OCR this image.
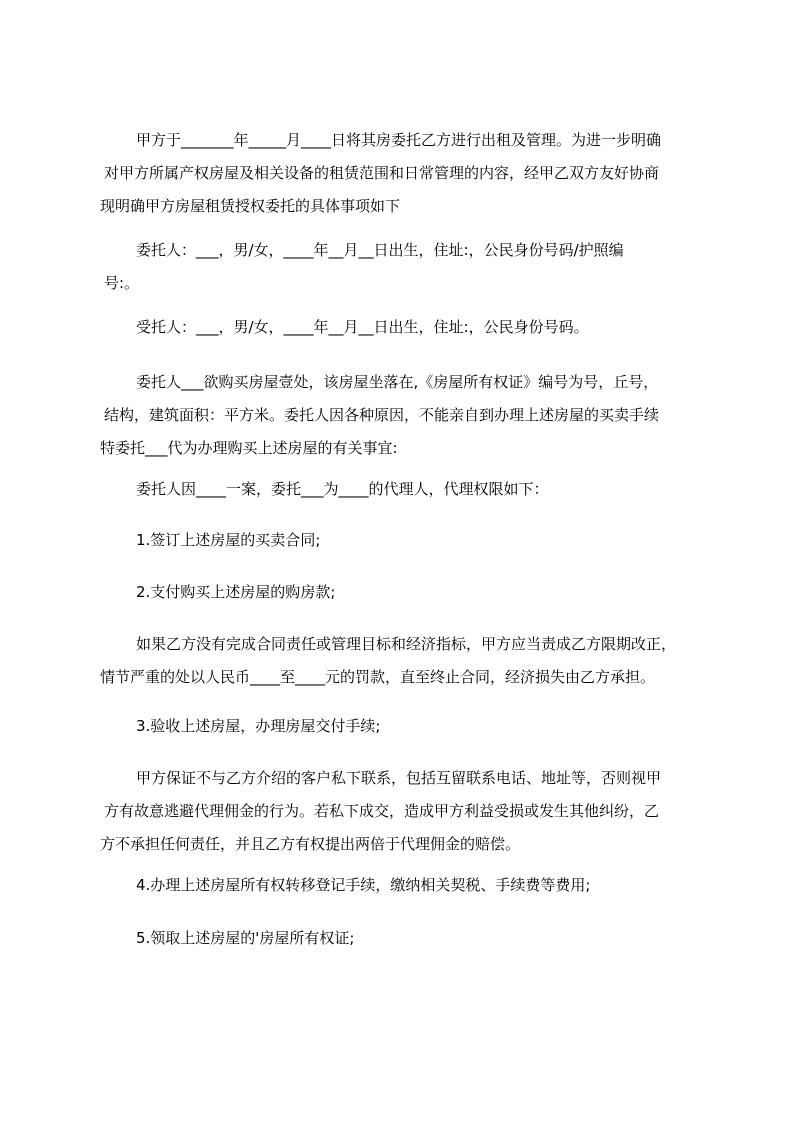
甲方于_______年_____月____日将其房委托乙方进行出租及管理。为进一步明确
对甲方所属产权房屋及相关设备的租赁范围和日常管理的内容，经甲乙双方友好协商
现明确甲方房屋租赁授权委托的具体事项如下
委托人：___，男/女，____年__月__日出生，住址:，公民身份号码/护照编
号:。
受托人：___，男/女，____年__月__日出生，住址:，公民身份号码。
委托人___欲购买房屋壹处，该房屋坐落在,《房屋所有权证》编号为号，丘号，
结构，建筑面积：平方米。委托人因各种原因，不能亲自到办理上述房屋的买卖手续
特委托___代为办理购买上述房屋的有关事宜:
委托人因____一案，委托___为____的代理人，代理权限如下：
1.签订上述房屋的买卖合同;
2.支付购买上述房屋的购房款;
如果乙方没有完成合同责任或管理目标和经济指标，甲方应当责成乙方限期改正，
情节严重的处以人民币____至____元的罚款，直至终止合同，经济损失由乙方承担。
3.验收上述房屋，办理房屋交付手续;
甲方保证不与乙方介绍的客户私下联系，包括互留联系电话、地址等，否则视甲
方有故意逃避代理佣金的行为。若私下成交，造成甲方利益受损或发生其他纠纷，乙
方不承担任何责任，并且乙方有权提出两倍于代理佣金的赔偿。
4.办理上述房屋所有权转移登记手续，缴纳相关契税、手续费等费用;
5.领取上述房屋的'房屋所有权证;
